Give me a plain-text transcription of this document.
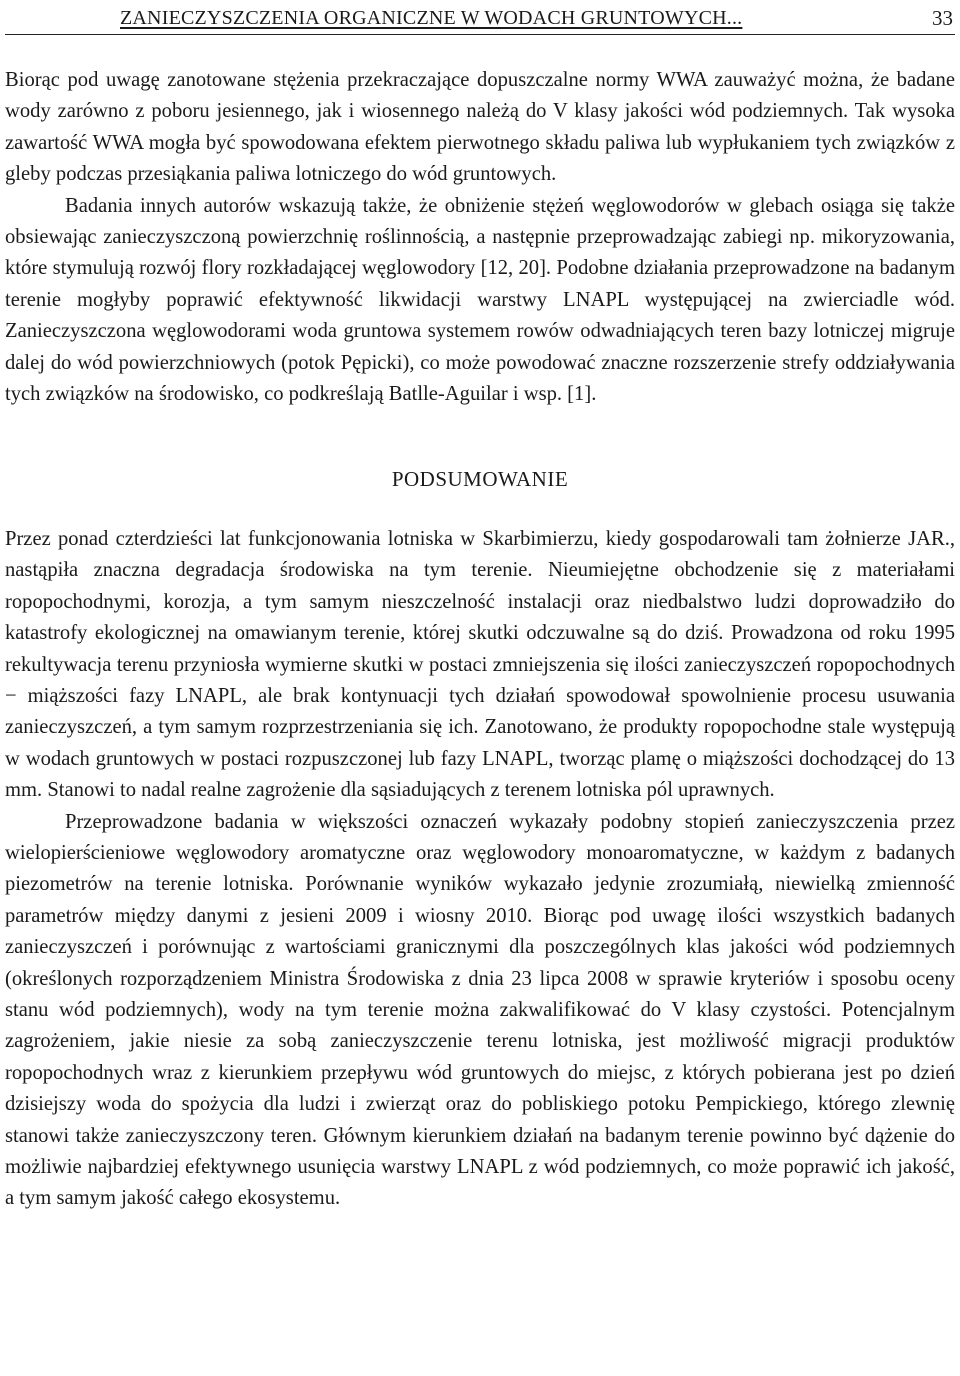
ZANIECZYSZCZENIA ORGANICZNE W WODACH GRUNTOWYCH...	33

Biorąc pod uwagę zanotowane stężenia przekraczające dopuszczalne normy WWA zauważyć można, że badane wody zarówno z poboru jesiennego, jak i wiosennego należą do V klasy jakości wód podziemnych. Tak wysoka zawartość WWA mogła być spowodowana efektem pierwotnego składu paliwa lub wypłukaniem tych związków z gleby podczas przesiąkania paliwa lotniczego do wód gruntowych.

Badania innych autorów wskazują także, że obniżenie stężeń węglowodorów w glebach osiąga się także obsiewając zanieczyszczoną powierzchnię roślinnością, a następnie przeprowadzając zabiegi np. mikoryzowania, które stymulują rozwój flory rozkładającej węglowodory [12, 20]. Podobne działania przeprowadzone na badanym terenie mogłyby poprawić efektywność likwidacji warstwy LNAPL występującej na zwierciadle wód. Zanieczyszczona węglowodorami woda gruntowa systemem rowów odwadniających teren bazy lotniczej migruje dalej do wód powierzchniowych (potok Pępicki), co może powodować znaczne rozszerzenie strefy oddziaływania tych związków na środowisko, co podkreślają Batlle-Aguilar i wsp. [1].

PODSUMOWANIE

Przez ponad czterdzieści lat funkcjonowania lotniska w Skarbimierzu, kiedy gospodarowali tam żołnierze JAR., nastąpiła znaczna degradacja środowiska na tym terenie. Nieumiejętne obchodzenie się z materiałami ropopochodnymi, korozja, a tym samym nieszczelność instalacji oraz niedbalstwo ludzi doprowadziło do katastrofy ekologicznej na omawianym terenie, której skutki odczuwalne są do dziś. Prowadzona od roku 1995 rekultywacja terenu przyniosła wymierne skutki w postaci zmniejszenia się ilości zanieczyszczeń ropopochodnych − miąższości fazy LNAPL, ale brak kontynuacji tych działań spowodował spowolnienie procesu usuwania zanieczyszczeń, a tym samym rozprzestrzeniania się ich. Zanotowano, że produkty ropopochodne stale występują w wodach gruntowych w postaci rozpuszczonej lub fazy LNAPL, tworząc plamę o miąższości dochodzącej do 13 mm. Stanowi to nadal realne zagrożenie dla sąsiadujących z terenem lotniska pól uprawnych.

Przeprowadzone badania w większości oznaczeń wykazały podobny stopień zanieczyszczenia przez wielopierścieniowe węglowodory aromatyczne oraz węglowodory monoaromatyczne, w każdym z badanych piezometrów na terenie lotniska. Porównanie wyników wykazało jedynie zrozumiałą, niewielką zmienność parametrów między danymi z jesieni 2009 i wiosny 2010. Biorąc pod uwagę ilości wszystkich badanych zanieczyszczeń i porównując z wartościami granicznymi dla poszczególnych klas jakości wód podziemnych (określonych rozporządzeniem Ministra Środowiska z dnia 23 lipca 2008 w sprawie kryteriów i sposobu oceny stanu wód podziemnych), wody na tym terenie można zakwalifikować do V klasy czystości. Potencjalnym zagrożeniem, jakie niesie za sobą zanieczyszczenie terenu lotniska, jest możliwość migracji produktów ropopochodnych wraz z kierunkiem przepływu wód gruntowych do miejsc, z których pobierana jest po dzień dzisiejszy woda do spożycia dla ludzi i zwierząt oraz do pobliskiego potoku Pempickiego, którego zlewnię stanowi także zanieczyszczony teren. Głównym kierunkiem działań na badanym terenie powinno być dążenie do możliwie najbardziej efektywnego usunięcia warstwy LNAPL z wód podziemnych, co może poprawić ich jakość, a tym samym jakość całego ekosystemu.
